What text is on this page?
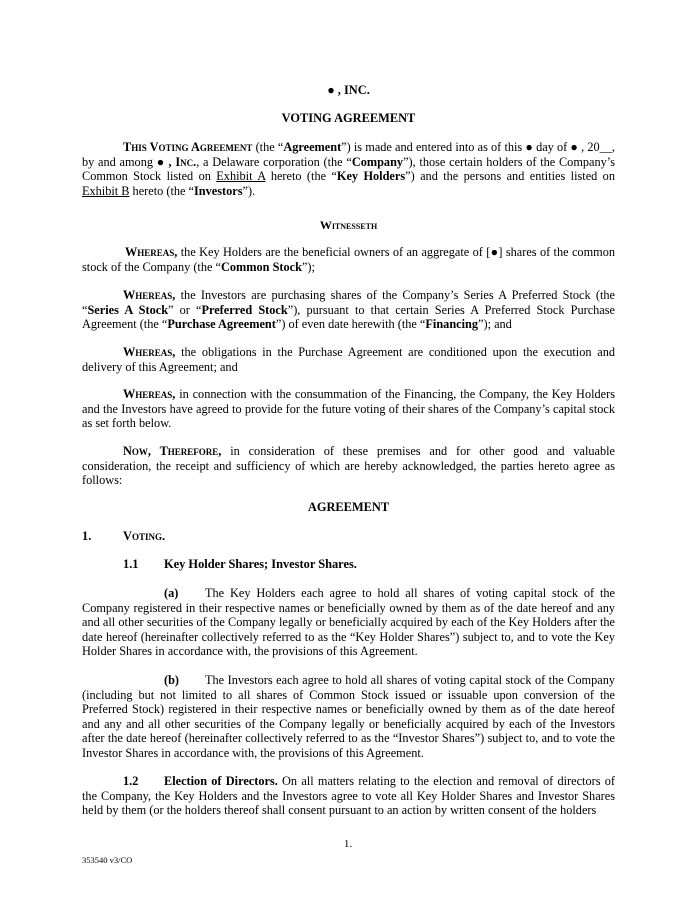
● , INC.
VOTING AGREEMENT
This Voting Agreement (the “Agreement”) is made and entered into as of this ● day of ● , 20__, by and among ● , Inc., a Delaware corporation (the “Company”), those certain holders of the Company’s Common Stock listed on Exhibit A hereto (the “Key Holders”) and the persons and entities listed on Exhibit B hereto (the “Investors”).
Witnesseth
Whereas, the Key Holders are the beneficial owners of an aggregate of [●] shares of the common stock of the Company (the “Common Stock”);
Whereas, the Investors are purchasing shares of the Company’s Series A Preferred Stock (the “Series A Stock” or “Preferred Stock”), pursuant to that certain Series A Preferred Stock Purchase Agreement (the “Purchase Agreement”) of even date herewith (the “Financing”); and
Whereas, the obligations in the Purchase Agreement are conditioned upon the execution and delivery of this Agreement; and
Whereas, in connection with the consummation of the Financing, the Company, the Key Holders and the Investors have agreed to provide for the future voting of their shares of the Company’s capital stock as set forth below.
Now, Therefore, in consideration of these premises and for other good and valuable consideration, the receipt and sufficiency of which are hereby acknowledged, the parties hereto agree as follows:
AGREEMENT
1.	Voting.
1.1 Key Holder Shares; Investor Shares.
(a) The Key Holders each agree to hold all shares of voting capital stock of the Company registered in their respective names or beneficially owned by them as of the date hereof and any and all other securities of the Company legally or beneficially acquired by each of the Key Holders after the date hereof (hereinafter collectively referred to as the “Key Holder Shares”) subject to, and to vote the Key Holder Shares in accordance with, the provisions of this Agreement.
(b) The Investors each agree to hold all shares of voting capital stock of the Company (including but not limited to all shares of Common Stock issued or issuable upon conversion of the Preferred Stock) registered in their respective names or beneficially owned by them as of the date hereof and any and all other securities of the Company legally or beneficially acquired by each of the Investors after the date hereof (hereinafter collectively referred to as the “Investor Shares”) subject to, and to vote the Investor Shares in accordance with, the provisions of this Agreement.
1.2 Election of Directors. On all matters relating to the election and removal of directors of the Company, the Key Holders and the Investors agree to vote all Key Holder Shares and Investor Shares held by them (or the holders thereof shall consent pursuant to an action by written consent of the holders
1.
353540 v3/CO
